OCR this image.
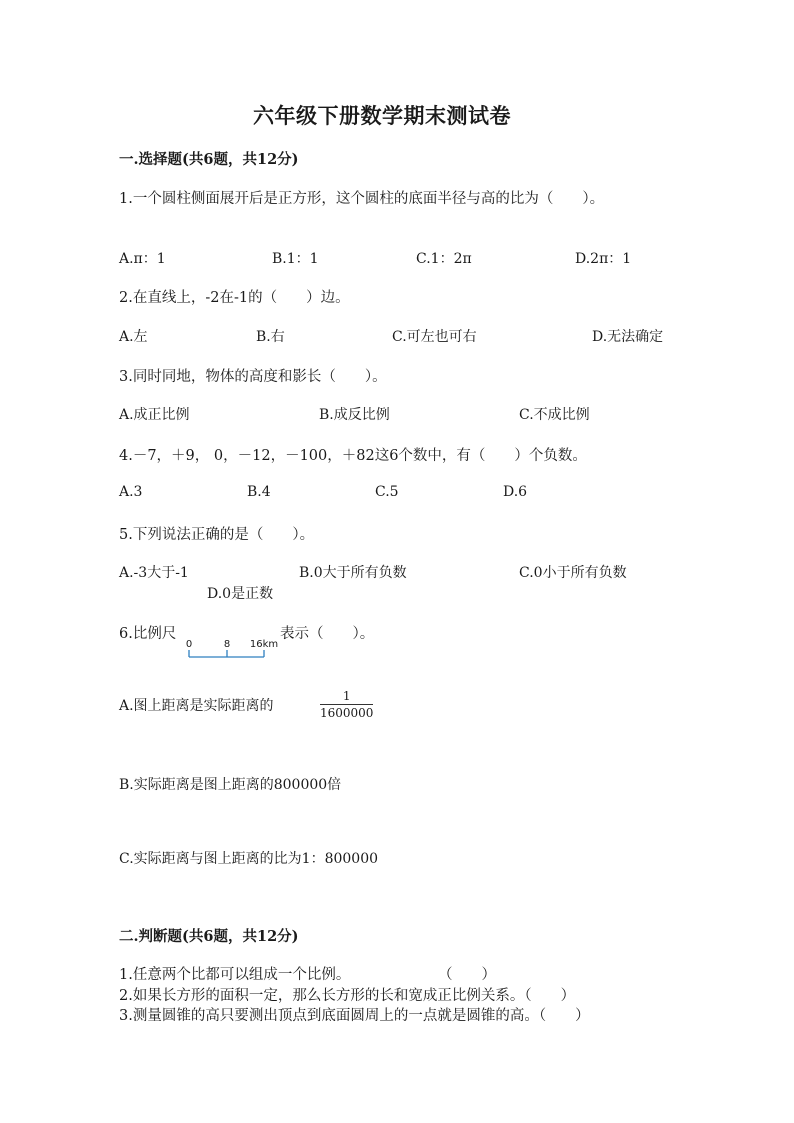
六年级下册数学期末测试卷
一.选择题(共6题，共12分)
1.一个圆柱侧面展开后是正方形，这个圆柱的底面半径与高的比为（　　）。
A.π：1	B.1：1	C.1：2π	D.2π：1
2.在直线上，-2在-1的（　　）边。
A.左	B.右	C.可左也可右	D.无法确定
3.同时同地，物体的高度和影长（　　）。
A.成正比例	B.成反比例	C.不成比例
4.－7，＋9， 0，－12，－100，＋82这6个数中，有（　　）个负数。
A.3	B.4	C.5	D.6
5.下列说法正确的是（　　）。
A.-3大于-1	B.0大于所有负数	C.0小于所有负数
D.0是正数
6.比例尺
0	8 16km
表示（　　）。
A.图上距离是实际距离的
1
1600000
B.实际距离是图上距离的800000倍
C.实际距离与图上距离的比为1：800000
二.判断题(共6题，共12分)
1.任意两个比都可以组成一个比例。	（　　）
2.如果长方形的面积一定，那么长方形的长和宽成正比例关系。（　　）
3.测量圆锥的高只要测出顶点到底面圆周上的一点就是圆锥的高。（　　）
